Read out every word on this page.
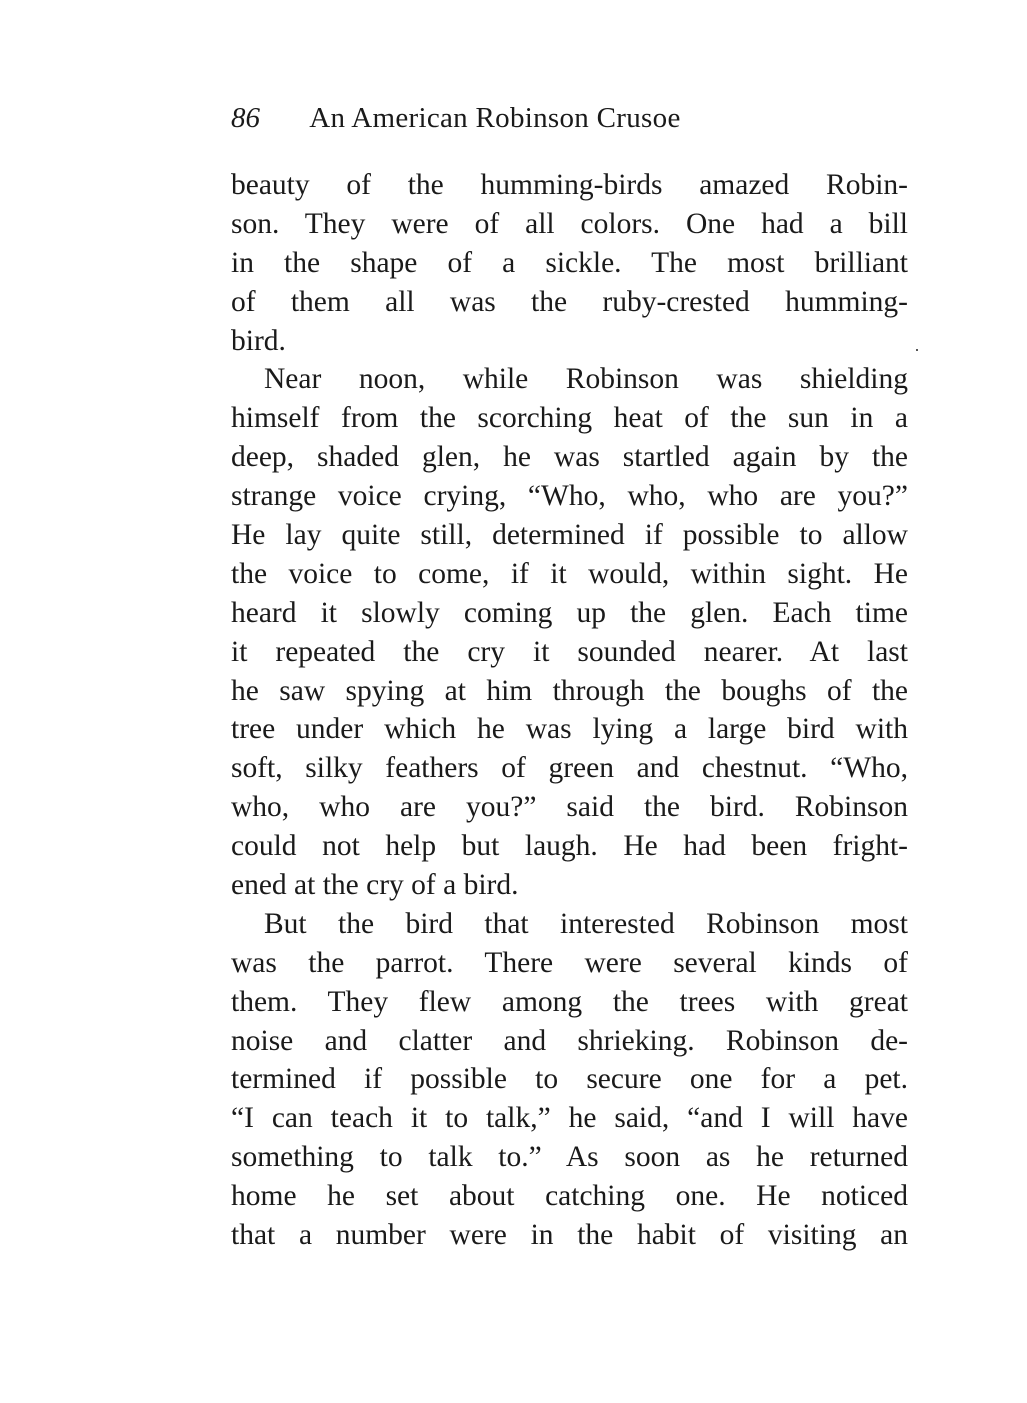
86 An American Robinson Crusoe
beauty of the humming-birds amazed Robin-
son. They were of all colors. One had a bill
in the shape of a sickle. The most brilliant
of them all was the ruby-crested humming-
bird.
Near noon, while Robinson was shielding
himself from the scorching heat of the sun in a
deep, shaded glen, he was startled again by the
strange voice crying, “Who, who, who are you?”
He lay quite still, determined if possible to allow
the voice to come, if it would, within sight. He
heard it slowly coming up the glen. Each time
it repeated the cry it sounded nearer. At last
he saw spying at him through the boughs of the
tree under which he was lying a large bird with
soft, silky feathers of green and chestnut. “Who,
who, who are you?” said the bird. Robinson
could not help but laugh. He had been fright-
ened at the cry of a bird.
But the bird that interested Robinson most
was the parrot. There were several kinds of
them. They flew among the trees with great
noise and clatter and shrieking. Robinson de-
termined if possible to secure one for a pet.
“I can teach it to talk,” he said, “and I will have
something to talk to.” As soon as he returned
home he set about catching one. He noticed
that a number were in the habit of visiting an
